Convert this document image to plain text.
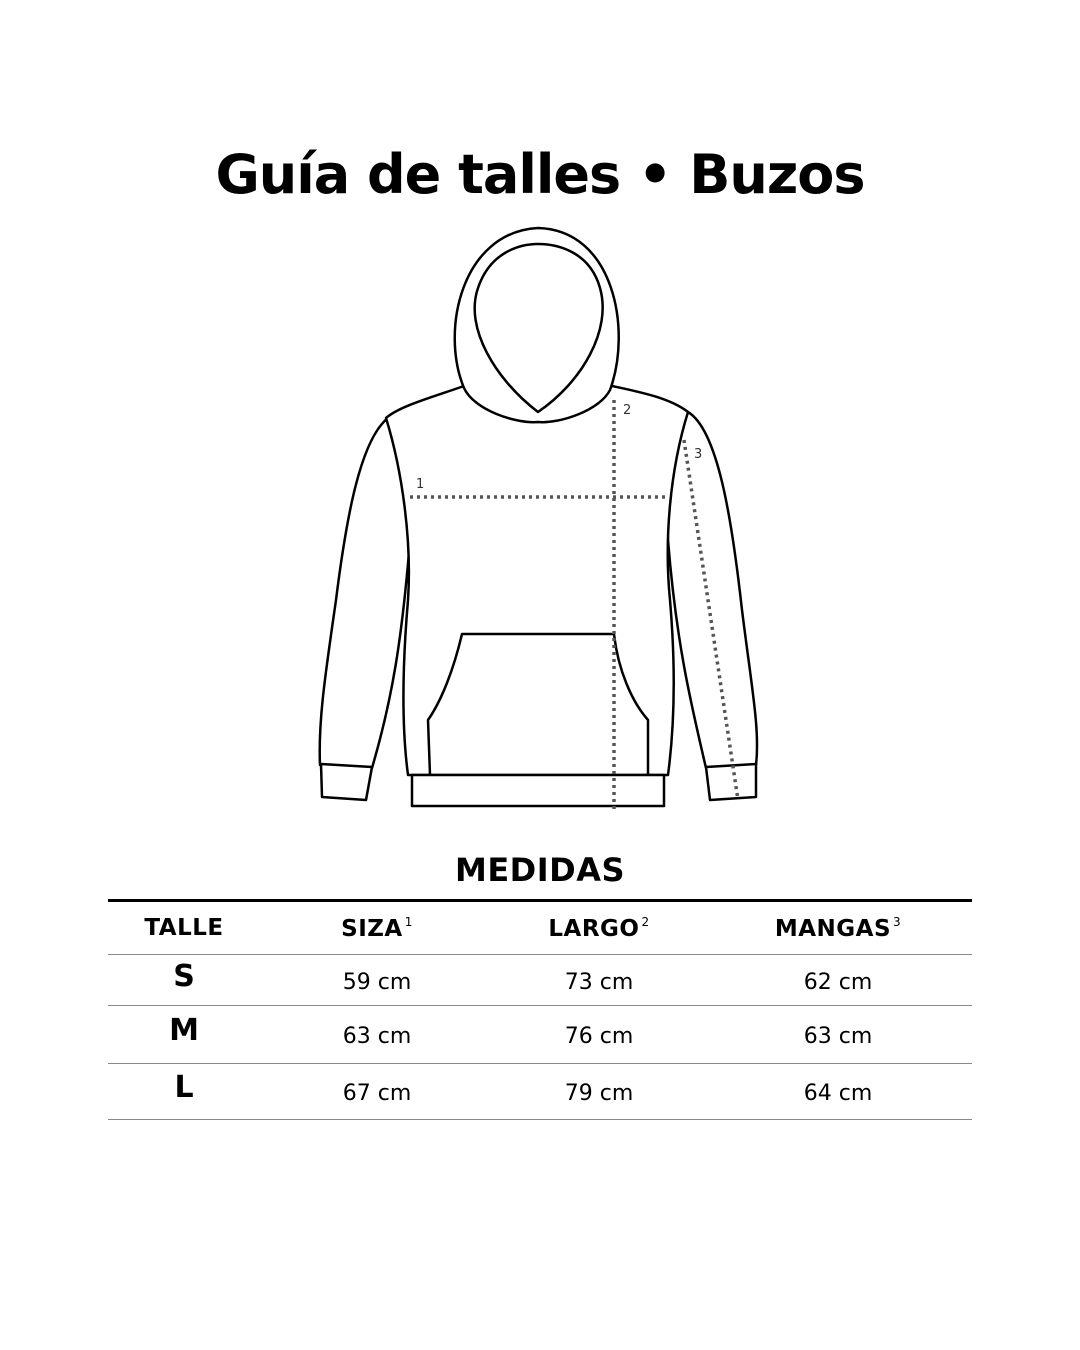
Guía de talles • Buzos
1
2
3
MEDIDAS
TALLE	SIZA $^1$	LARGO $^2$	MANGAS $^3$
S	59 cm	73 cm	62 cm
M	63 cm	76 cm	63 cm
L	67 cm	79 cm	64 cm
